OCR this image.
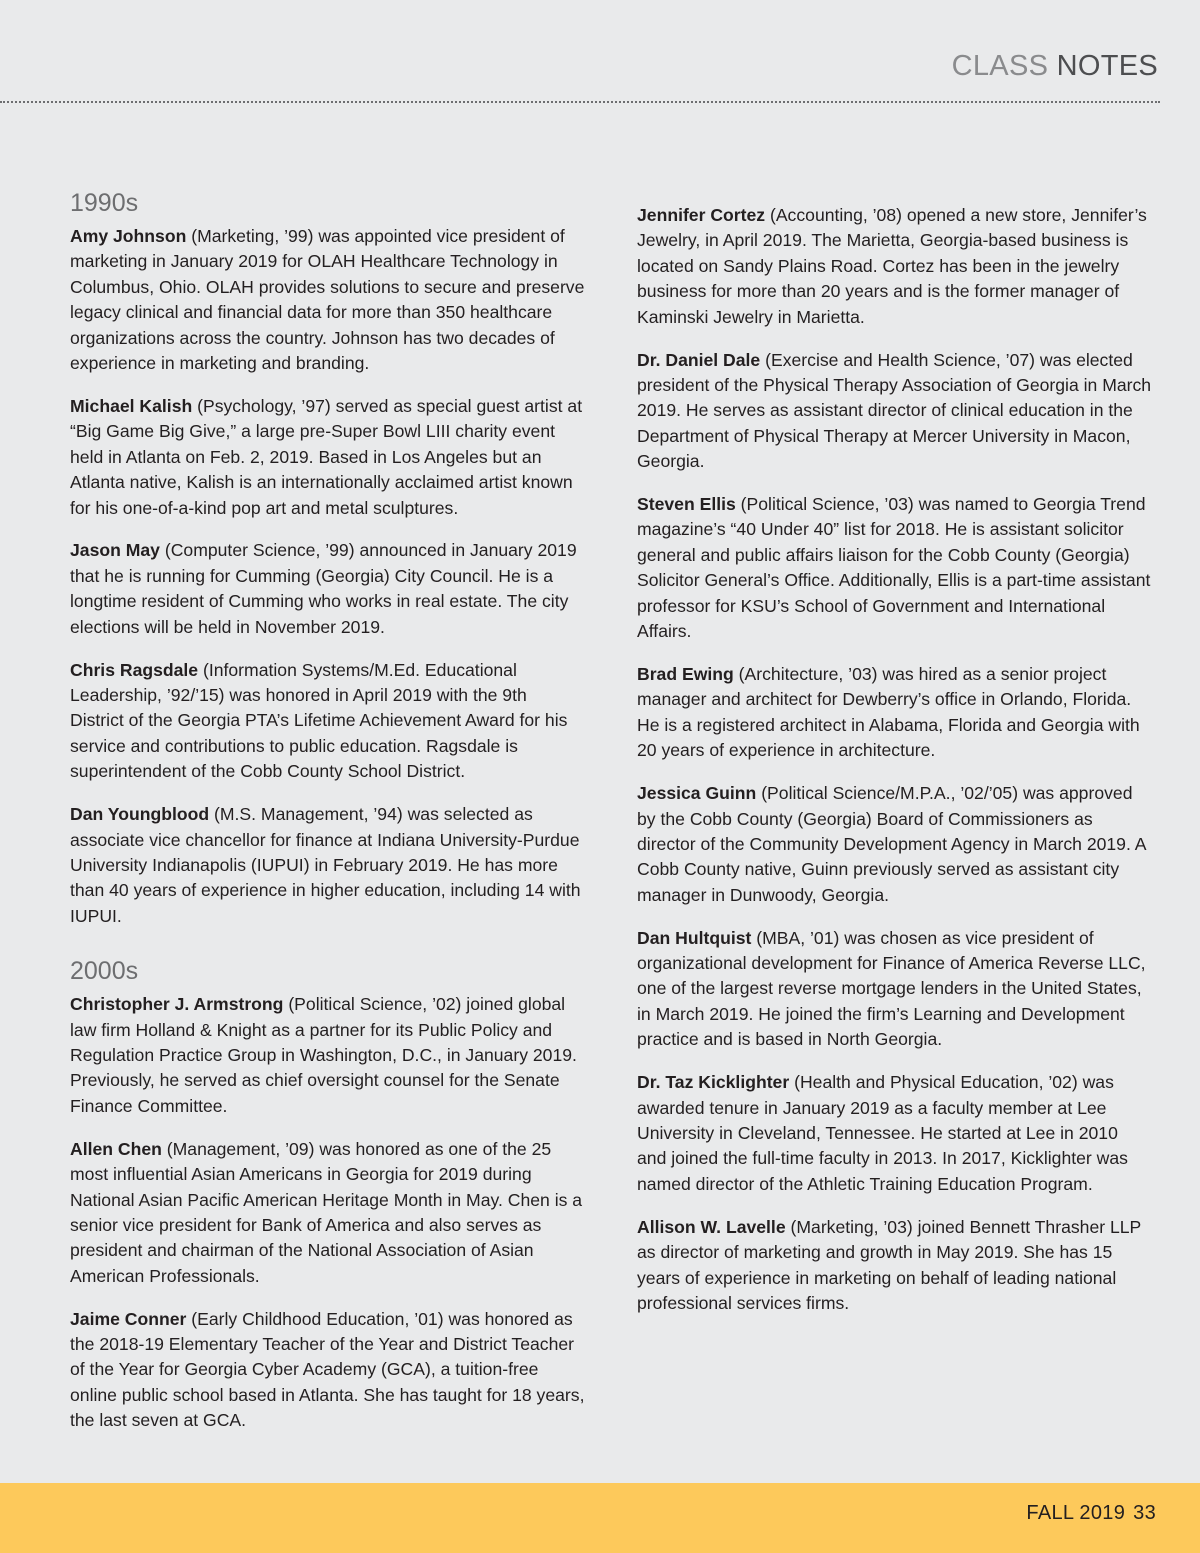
CLASS NOTES
1990s

Amy Johnson (Marketing, ’99) was appointed vice president of marketing in January 2019 for OLAH Healthcare Technology in Columbus, Ohio. OLAH provides solutions to secure and preserve legacy clinical and financial data for more than 350 healthcare organizations across the country. Johnson has two decades of experience in marketing and branding.

Michael Kalish (Psychology, ’97) served as special guest artist at “Big Game Big Give,” a large pre-Super Bowl LIII charity event held in Atlanta on Feb. 2, 2019. Based in Los Angeles but an Atlanta native, Kalish is an internationally acclaimed artist known for his one-of-a-kind pop art and metal sculptures.

Jason May (Computer Science, ’99) announced in January 2019 that he is running for Cumming (Georgia) City Council. He is a longtime resident of Cumming who works in real estate. The city elections will be held in November 2019.

Chris Ragsdale (Information Systems/M.Ed. Educational Leadership, ’92/’15) was honored in April 2019 with the 9th District of the Georgia PTA’s Lifetime Achievement Award for his service and contributions to public education. Ragsdale is superintendent of the Cobb County School District.

Dan Youngblood (M.S. Management, ’94) was selected as associate vice chancellor for finance at Indiana University-Purdue University Indianapolis (IUPUI) in February 2019. He has more than 40 years of experience in higher education, including 14 with IUPUI.

2000s

Christopher J. Armstrong (Political Science, ’02) joined global law firm Holland & Knight as a partner for its Public Policy and Regulation Practice Group in Washington, D.C., in January 2019. Previously, he served as chief oversight counsel for the Senate Finance Committee.

Allen Chen (Management, ’09) was honored as one of the 25 most influential Asian Americans in Georgia for 2019 during National Asian Pacific American Heritage Month in May. Chen is a senior vice president for Bank of America and also serves as president and chairman of the National Association of Asian American Professionals.

Jaime Conner (Early Childhood Education, ’01) was honored as the 2018-19 Elementary Teacher of the Year and District Teacher of the Year for Georgia Cyber Academy (GCA), a tuition-free online public school based in Atlanta. She has taught for 18 years, the last seven at GCA.

Jennifer Cortez (Accounting, ’08) opened a new store, Jennifer’s Jewelry, in April 2019. The Marietta, Georgia-based business is located on Sandy Plains Road. Cortez has been in the jewelry business for more than 20 years and is the former manager of Kaminski Jewelry in Marietta.

Dr. Daniel Dale (Exercise and Health Science, ’07) was elected president of the Physical Therapy Association of Georgia in March 2019. He serves as assistant director of clinical education in the Department of Physical Therapy at Mercer University in Macon, Georgia.

Steven Ellis (Political Science, ’03) was named to Georgia Trend magazine’s “40 Under 40” list for 2018. He is assistant solicitor general and public affairs liaison for the Cobb County (Georgia) Solicitor General’s Office. Additionally, Ellis is a part-time assistant professor for KSU’s School of Government and International Affairs.

Brad Ewing (Architecture, ’03) was hired as a senior project manager and architect for Dewberry’s office in Orlando, Florida. He is a registered architect in Alabama, Florida and Georgia with 20 years of experience in architecture.

Jessica Guinn (Political Science/M.P.A., ’02/’05) was approved by the Cobb County (Georgia) Board of Commissioners as director of the Community Development Agency in March 2019. A Cobb County native, Guinn previously served as assistant city manager in Dunwoody, Georgia.

Dan Hultquist (MBA, ’01) was chosen as vice president of organizational development for Finance of America Reverse LLC, one of the largest reverse mortgage lenders in the United States, in March 2019. He joined the firm’s Learning and Development practice and is based in North Georgia.

Dr. Taz Kicklighter (Health and Physical Education, ’02) was awarded tenure in January 2019 as a faculty member at Lee University in Cleveland, Tennessee. He started at Lee in 2010 and joined the full-time faculty in 2013. In 2017, Kicklighter was named director of the Athletic Training Education Program.

Allison W. Lavelle (Marketing, ’03) joined Bennett Thrasher LLP as director of marketing and growth in May 2019. She has 15 years of experience in marketing on behalf of leading national professional services firms.

FALL 2019 33
